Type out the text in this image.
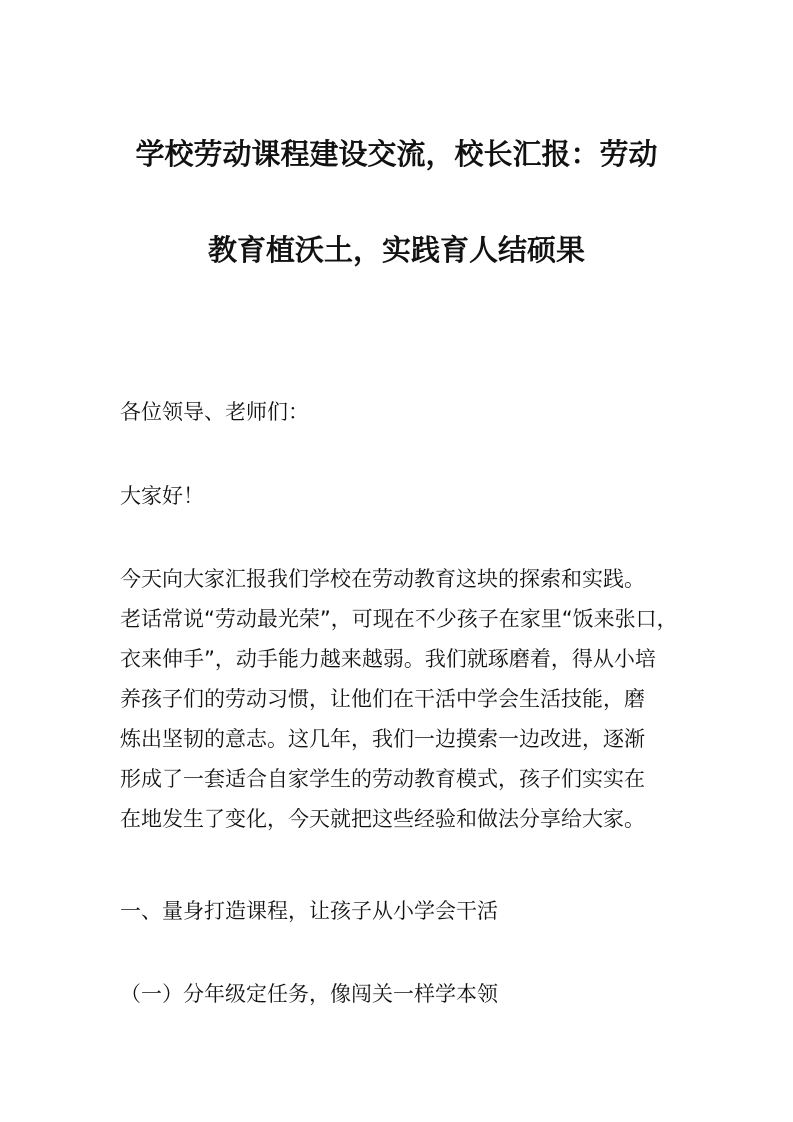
学校劳动课程建设交流，校长汇报：劳动
教育植沃土，实践育人结硕果
各位领导、老师们：
大家好！
今天向大家汇报我们学校在劳动教育这块的探索和实践。
老话常说“劳动最光荣”，可现在不少孩子在家里“饭来张口，
衣来伸手”，动手能力越来越弱。我们就琢磨着，得从小培
养孩子们的劳动习惯，让他们在干活中学会生活技能，磨
炼出坚韧的意志。这几年，我们一边摸索一边改进，逐渐
形成了一套适合自家学生的劳动教育模式，孩子们实实在
在地发生了变化，今天就把这些经验和做法分享给大家。
一、量身打造课程，让孩子从小学会干活
（一）分年级定任务，像闯关一样学本领
